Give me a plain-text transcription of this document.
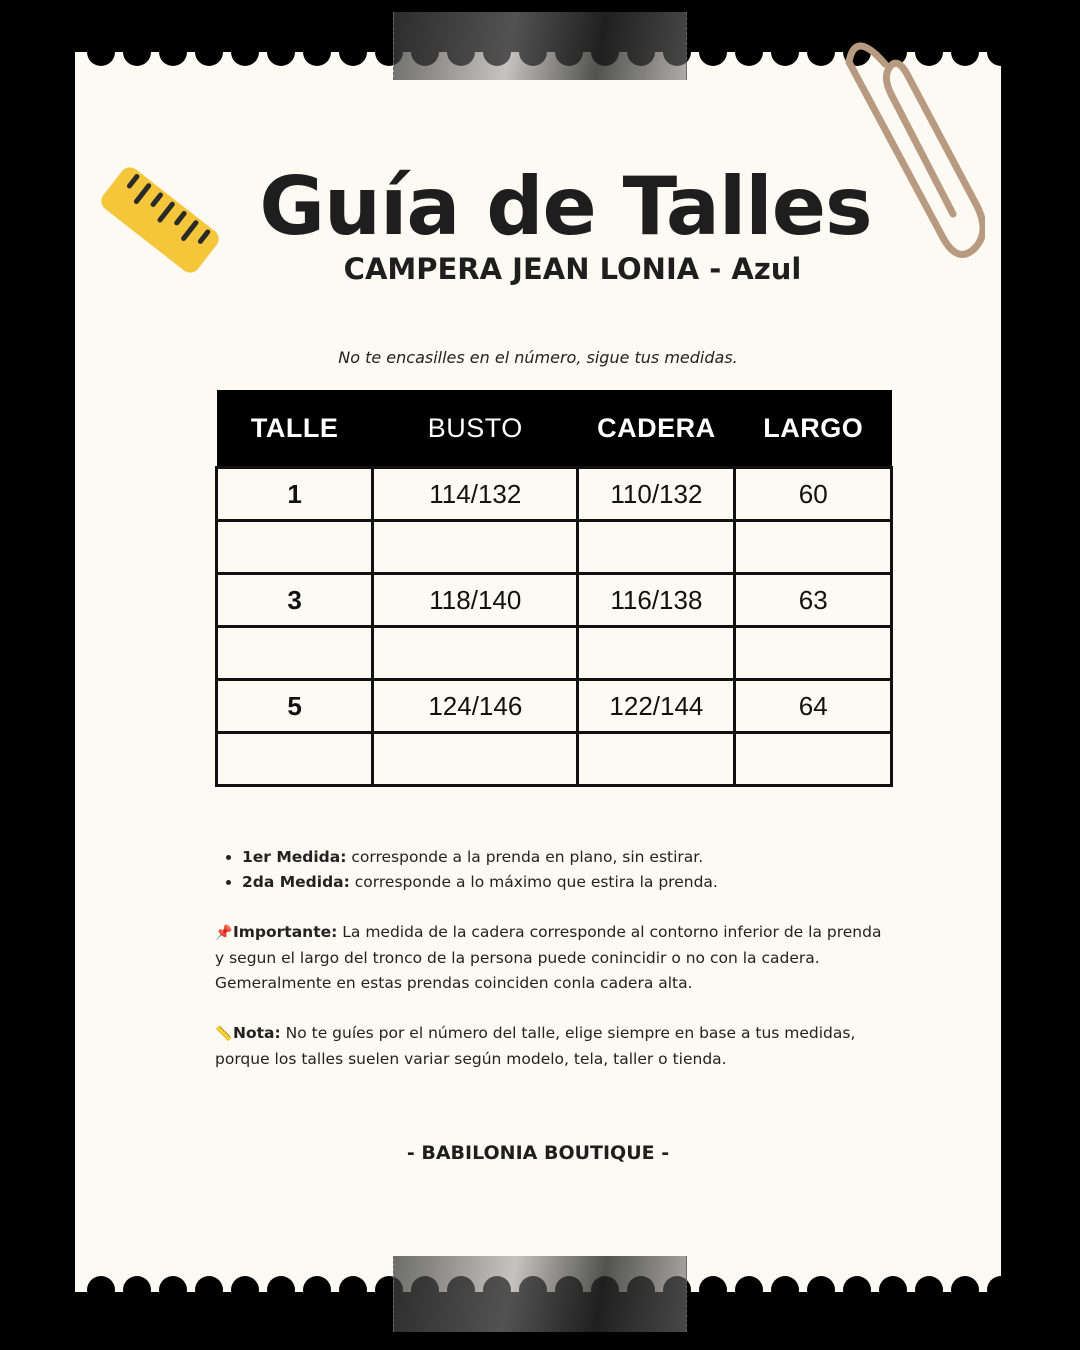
Guía de Talles
CAMPERA JEAN LONIA - Azul
No te encasilles en el número, sigue tus medidas.
TALLE	BUSTO	CADERA	LARGO
1	114/132	110/132	60

3	118/140	116/138	63

5	124/146	122/144	64

• 1er Medida: corresponde a la prenda en plano, sin estirar.
• 2da Medida: corresponde a lo máximo que estira la prenda.

📌Importante: La medida de la cadera corresponde al contorno inferior de la prenda y segun el largo del tronco de la persona puede conincidir o no con la cadera. Gemeralmente en estas prendas coinciden conla cadera alta.

📏Nota: No te guíes por el número del talle, elige siempre en base a tus medidas, porque los talles suelen variar según modelo, tela, taller o tienda.

- BABILONIA BOUTIQUE -
